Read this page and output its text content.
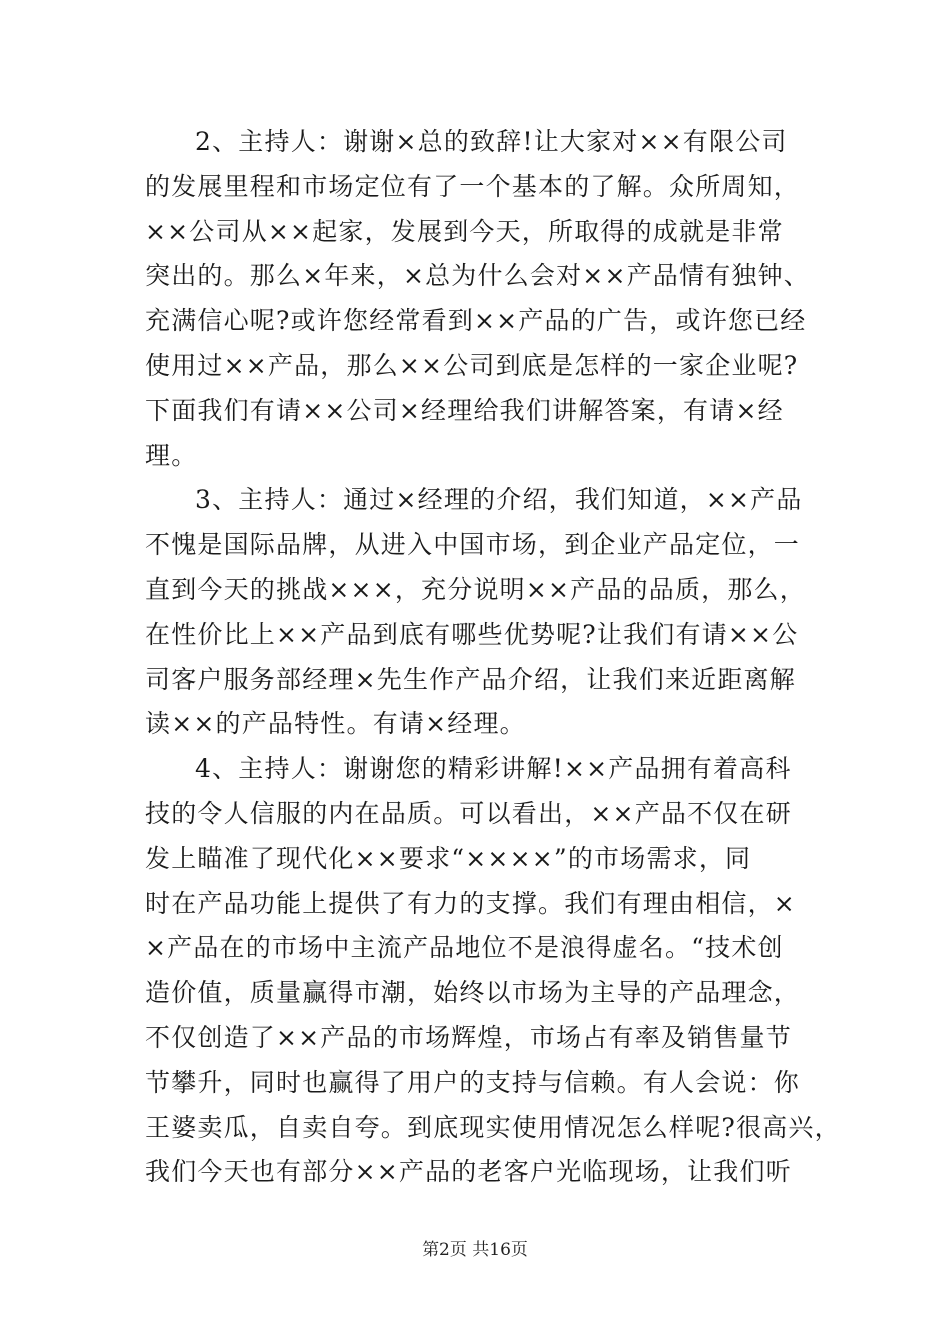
2、主持人：谢谢×总的致辞!让大家对××有限公司
的发展里程和市场定位有了一个基本的了解。众所周知，
××公司从××起家，发展到今天，所取得的成就是非常
突出的。那么×年来，×总为什么会对××产品情有独钟、
充满信心呢?或许您经常看到××产品的广告，或许您已经
使用过××产品，那么××公司到底是怎样的一家企业呢?
下面我们有请××公司×经理给我们讲解答案，有请×经
理。
3、主持人：通过×经理的介绍，我们知道，××产品
不愧是国际品牌，从进入中国市场，到企业产品定位，一
直到今天的挑战×××，充分说明××产品的品质，那么，
在性价比上××产品到底有哪些优势呢?让我们有请××公
司客户服务部经理×先生作产品介绍，让我们来近距离解
读××的产品特性。有请×经理。
4、主持人：谢谢您的精彩讲解!××产品拥有着高科
技的令人信服的内在品质。可以看出，××产品不仅在研
发上瞄准了现代化××要求“××××”的市场需求，同
时在产品功能上提供了有力的支撑。我们有理由相信，×
×产品在的市场中主流产品地位不是浪得虚名。“技术创
造价值，质量赢得市潮，始终以市场为主导的产品理念，
不仅创造了××产品的市场辉煌，市场占有率及销售量节
节攀升，同时也赢得了用户的支持与信赖。有人会说：你
王婆卖瓜，自卖自夸。到底现实使用情况怎么样呢?很高兴，
我们今天也有部分××产品的老客户光临现场，让我们听
第2页 共16页
